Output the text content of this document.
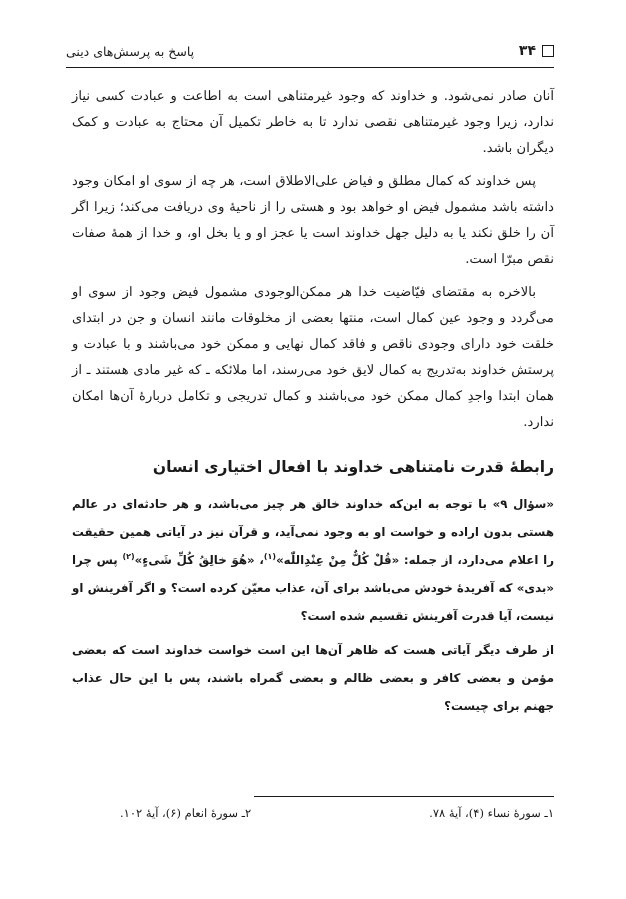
۳۴
پاسخ به پرسش‌های دینی

آنان صادر نمی‌شود. و خداوند که وجود غیرمتناهی است به اطاعت و عبادت کسی نیاز ندارد، زیرا وجود غیرمتناهی نقصی ندارد تا به خاطر تکمیل آن محتاج به عبادت و کمک دیگران باشد.

پس خداوند که کمال مطلق و فیاض علی‌الاطلاق است، هر چه از سوی او امکان وجود داشته باشد مشمول فیض او خواهد بود و هستی را از ناحیهٔ وی دریافت می‌کند؛ زیرا اگر آن را خلق نکند یا به دلیل جهل خداوند است یا عجز او و یا بخل او، و خدا از همهٔ صفات نقص مبرّا است.

بالاخره به مقتضای فیّاضیت خدا هر ممکن‌الوجودی مشمول فیض وجود از سوی او می‌گردد و وجود عین کمال است، منتها بعضی از مخلوقات مانند انسان و جن در ابتدای خلقت خود دارای وجودی ناقص و فاقد کمال نهایی و ممکن خود می‌باشند و با عبادت و پرستش خداوند به‌تدریج به کمال لایق خود می‌رسند، اما ملائکه ـ که غیر مادی هستند ـ از همان ابتدا واجدِ کمال ممکن خود می‌باشند و کمال تدریجی و تکامل دربارهٔ آن‌ها امکان ندارد.

رابطهٔ قدرت نامتناهی خداوند با افعال اختیاری انسان

«سؤال ۹» با توجه به این‌که خداوند خالق هر چیز می‌باشد، و هر حادثه‌ای در عالم هستی بدون اراده و خواست او به وجود نمی‌آید، و قرآن نیز در آیاتی همین حقیقت را اعلام می‌دارد، از جمله: «قُلْ کُلٌّ مِنْ عِنْدِاللّٰه»$^{(۱)}$، «هُوَ خالِقُ کُلِّ شَیءٍ»$^{(۲)}$ پس چرا «بدی» که آفریدهٔ خودش می‌باشد برای آن، عذاب معیّن کرده است؟ و اگر آفرینش او نیست، آیا قدرت آفرینش تقسیم شده است؟

از طرف دیگر آیاتی هست که ظاهر آن‌ها این است خواست خداوند است که بعضی مؤمن و بعضی کافر و بعضی ظالم و بعضی گمراه باشند، پس با این حال عذاب جهنم برای چیست؟

۱ـ سورهٔ نساء (۴)، آیهٔ ۷۸.
۲ـ سورهٔ انعام (۶)، آیهٔ ۱۰۲.
